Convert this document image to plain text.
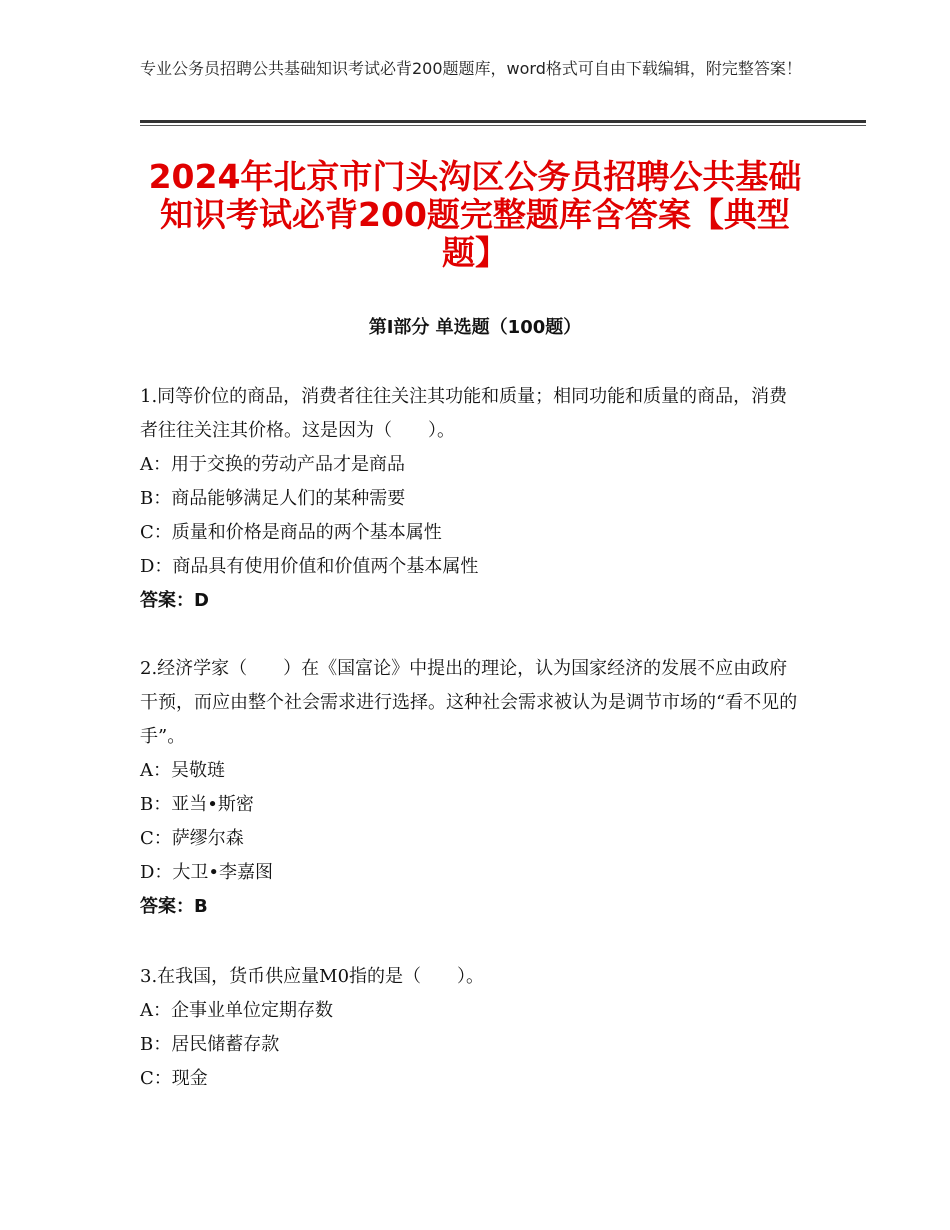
专业公务员招聘公共基础知识考试必背200题题库，word格式可自由下载编辑，附完整答案！
2024年北京市门头沟区公务员招聘公共基础知识考试必背200题完整题库含答案【典型题】
第Ⅰ部分 单选题（100题）
1.同等价位的商品，消费者往往关注其功能和质量；相同功能和质量的商品，消费者往往关注其价格。这是因为（　　）。
A：用于交换的劳动产品才是商品
B：商品能够满足人们的某种需要
C：质量和价格是商品的两个基本属性
D：商品具有使用价值和价值两个基本属性
答案：D
2.经济学家（　　）在《国富论》中提出的理论，认为国家经济的发展不应由政府干预，而应由整个社会需求进行选择。这种社会需求被认为是调节市场的“看不见的手”。
A：吴敬琏
B：亚当•斯密
C：萨缪尔森
D：大卫•李嘉图
答案：B
3.在我国，货币供应量M0指的是（　　）。
A：企事业单位定期存数
B：居民储蓄存款
C：现金
